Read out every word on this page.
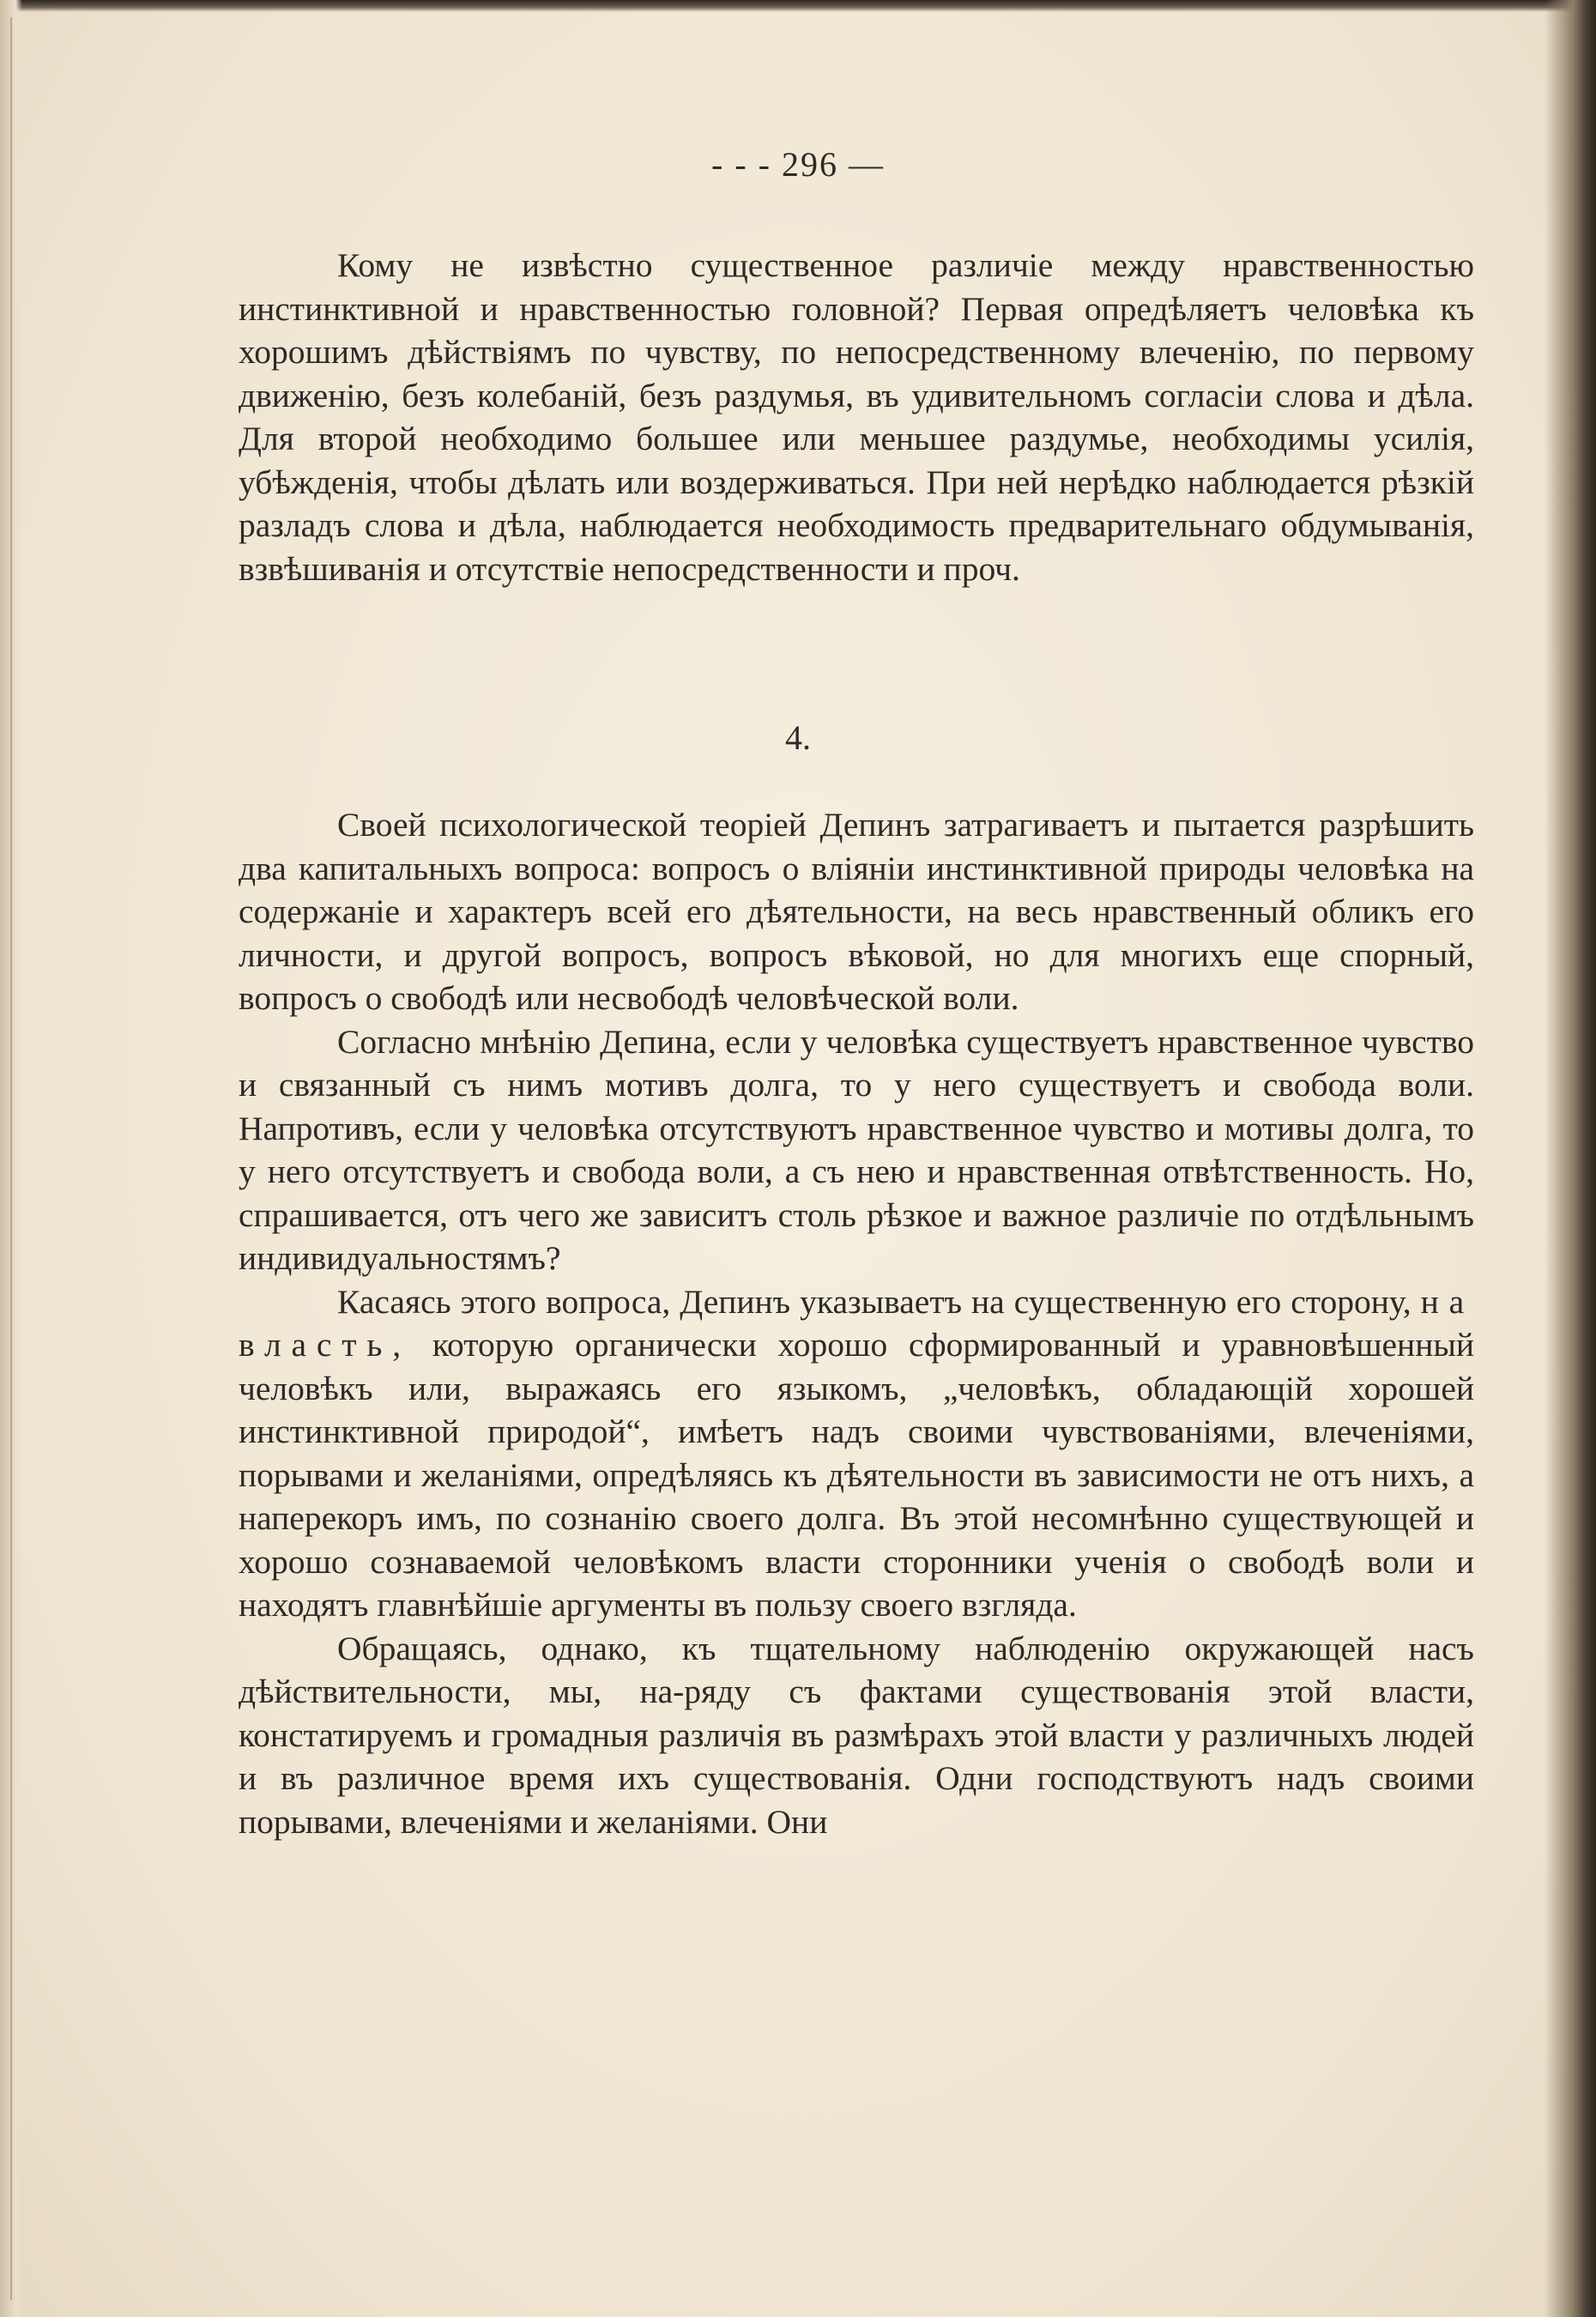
- - - 296 —

Кому не извѣстно существенное различіе между нравственностью инстинктивной и нравственностью головной? Первая опредѣляетъ человѣка къ хорошимъ дѣйствіямъ по чувству, по непосредственному влеченію, по первому движенію, безъ колебаній, безъ раздумья, въ удивительномъ согласіи слова и дѣла. Для второй необходимо большее или меньшее раздумье, необходимы усилія, убѣжденія, чтобы дѣлать или воздерживаться. При ней нерѣдко наблюдается рѣзкій разладъ слова и дѣла, наблюдается необходимость предварительнаго обдумыванія, взвѣшиванія и отсутствіе непосредственности и проч.

4.

Своей психологической теоріей Депинъ затрагиваетъ и пытается разрѣшить два капитальныхъ вопроса: вопросъ о вліяніи инстинктивной природы человѣка на содержаніе и характеръ всей его дѣятельности, на весь нравственный обликъ его личности, и другой вопросъ, вопросъ вѣковой, но для многихъ еще спорный, вопросъ о свободѣ или несвободѣ человѣческой воли.

Согласно мнѣнію Депина, если у человѣка существуетъ нравственное чувство и связанный съ нимъ мотивъ долга, то у него существуетъ и свобода воли. Напротивъ, если у человѣка отсутствуютъ нравственное чувство и мотивы долга, то у него отсутствуетъ и свобода воли, а съ нею и нравственная отвѣтственность. Но, спрашивается, отъ чего же зависитъ столь рѣзкое и важное различіе по отдѣльнымъ индивидуальностямъ?

Касаясь этого вопроса, Депинъ указываетъ на существенную его сторону, на власть, которую органически хорошо сформированный и уравновѣшенный человѣкъ или, выражаясь его языкомъ, „человѣкъ, обладающій хорошей инстинктивной природой“, имѣетъ надъ своими чувствованіями, влеченіями, порывами и желаніями, опредѣляясь къ дѣятельности въ зависимости не отъ нихъ, а наперекоръ имъ, по сознанію своего долга. Въ этой несомнѣнно существующей и хорошо сознаваемой человѣкомъ власти сторонники ученія о свободѣ воли и находятъ главнѣйшіе аргументы въ пользу своего взгляда.

Обращаясь, однако, къ тщательному наблюденію окружающей насъ дѣйствительности, мы, на-ряду съ фактами существованія этой власти, констатируемъ и громадныя различія въ размѣрахъ этой власти у различныхъ людей и въ различное время ихъ существованія. Одни господствуютъ надъ своими порывами, влеченіями и желаніями. Они
